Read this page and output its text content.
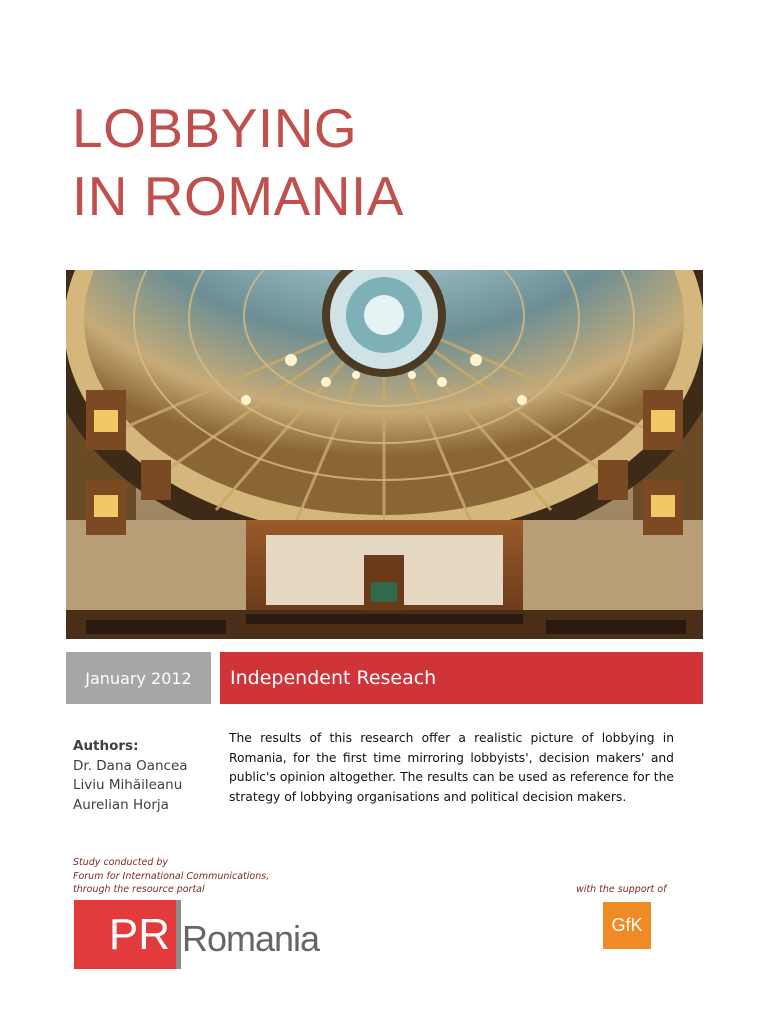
LOBBYING
IN ROMANIA
January 2012 Independent Reseach
Authors:
Dr. Dana Oancea
Liviu Mihăileanu
Aurelian Horja

The results of this research offer a realistic picture of lobbying in Romania, for the first time mirroring lobbyists', decision makers' and public's opinion altogether. The results can be used as reference for the strategy of lobbying organisations and political decision makers.

Study conducted by
Forum for International Communications,
through the resource portal
PR Romania
with the support of
GfK
